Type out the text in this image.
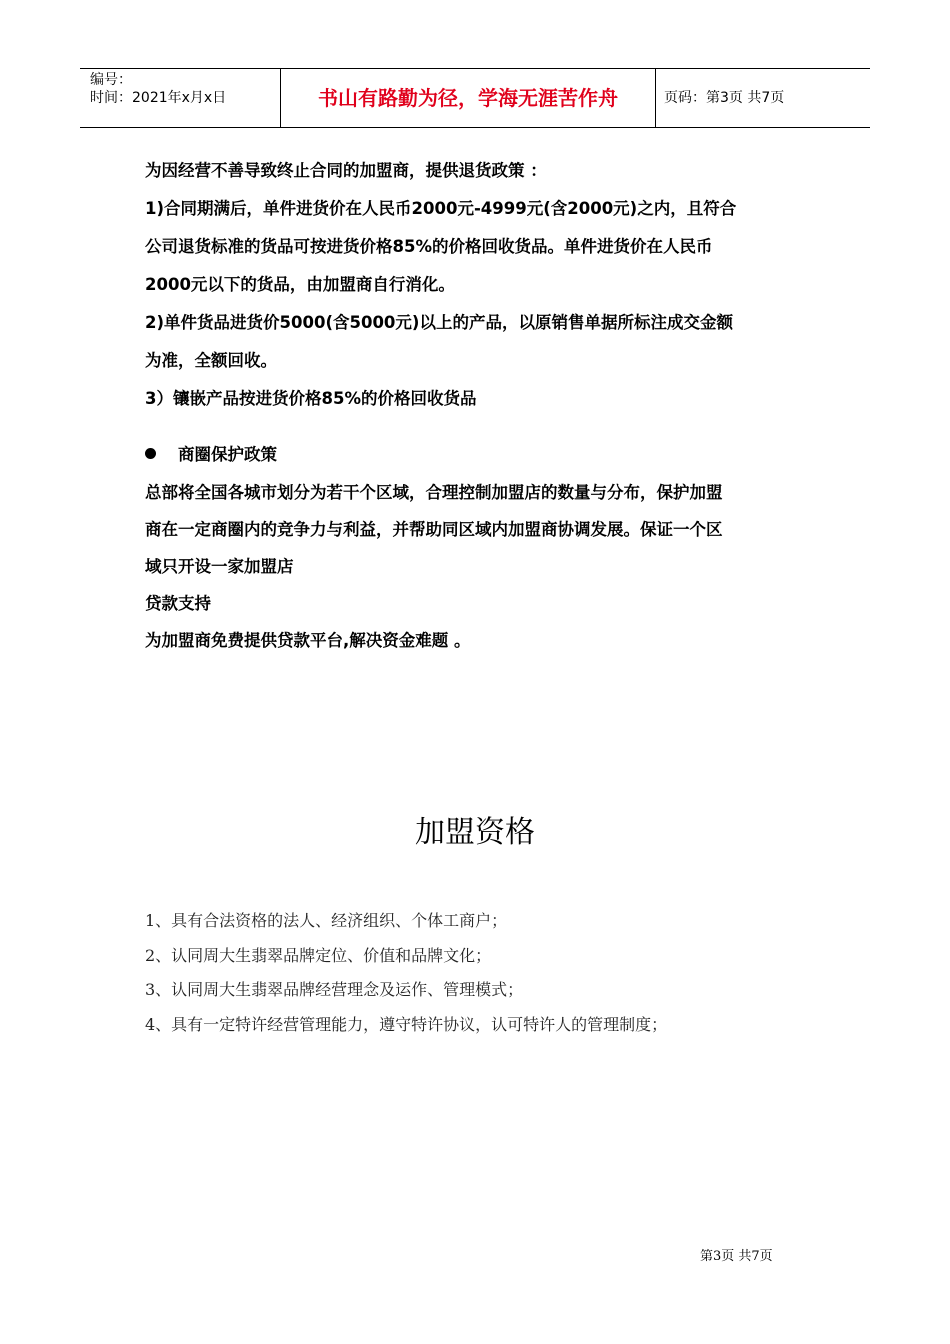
编号：
时间：2021年x月x日	书山有路勤为径，学海无涯苦作舟	页码：第3页 共7页

为因经营不善导致终止合同的加盟商，提供退货政策 ：

1)合同期满后，单件进货价在人民币2000元-4999元(含2000元)之内，且符合

公司退货标准的货品可按进货价格85%的价格回收货品。单件进货价在人民币

2000元以下的货品，由加盟商自行消化。

2)单件货品进货价5000(含5000元)以上的产品，以原销售单据所标注成交金额

为准，全额回收。

3）镶嵌产品按进货价格85%的价格回收货品

商圈保护政策

总部将全国各城市划分为若干个区域，合理控制加盟店的数量与分布，保护加盟

商在一定商圈内的竞争力与利益，并帮助同区域内加盟商协调发展。保证一个区

域只开设一家加盟店

贷款支持

为加盟商免费提供贷款平台,解决资金难题 。

加盟资格

1、具有合法资格的法人、经济组织、个体工商户；

2、认同周大生翡翠品牌定位、价值和品牌文化；

3、认同周大生翡翠品牌经营理念及运作、管理模式；

4、具有一定特许经营管理能力，遵守特许协议，认可特许人的管理制度；

第3页 共7页
